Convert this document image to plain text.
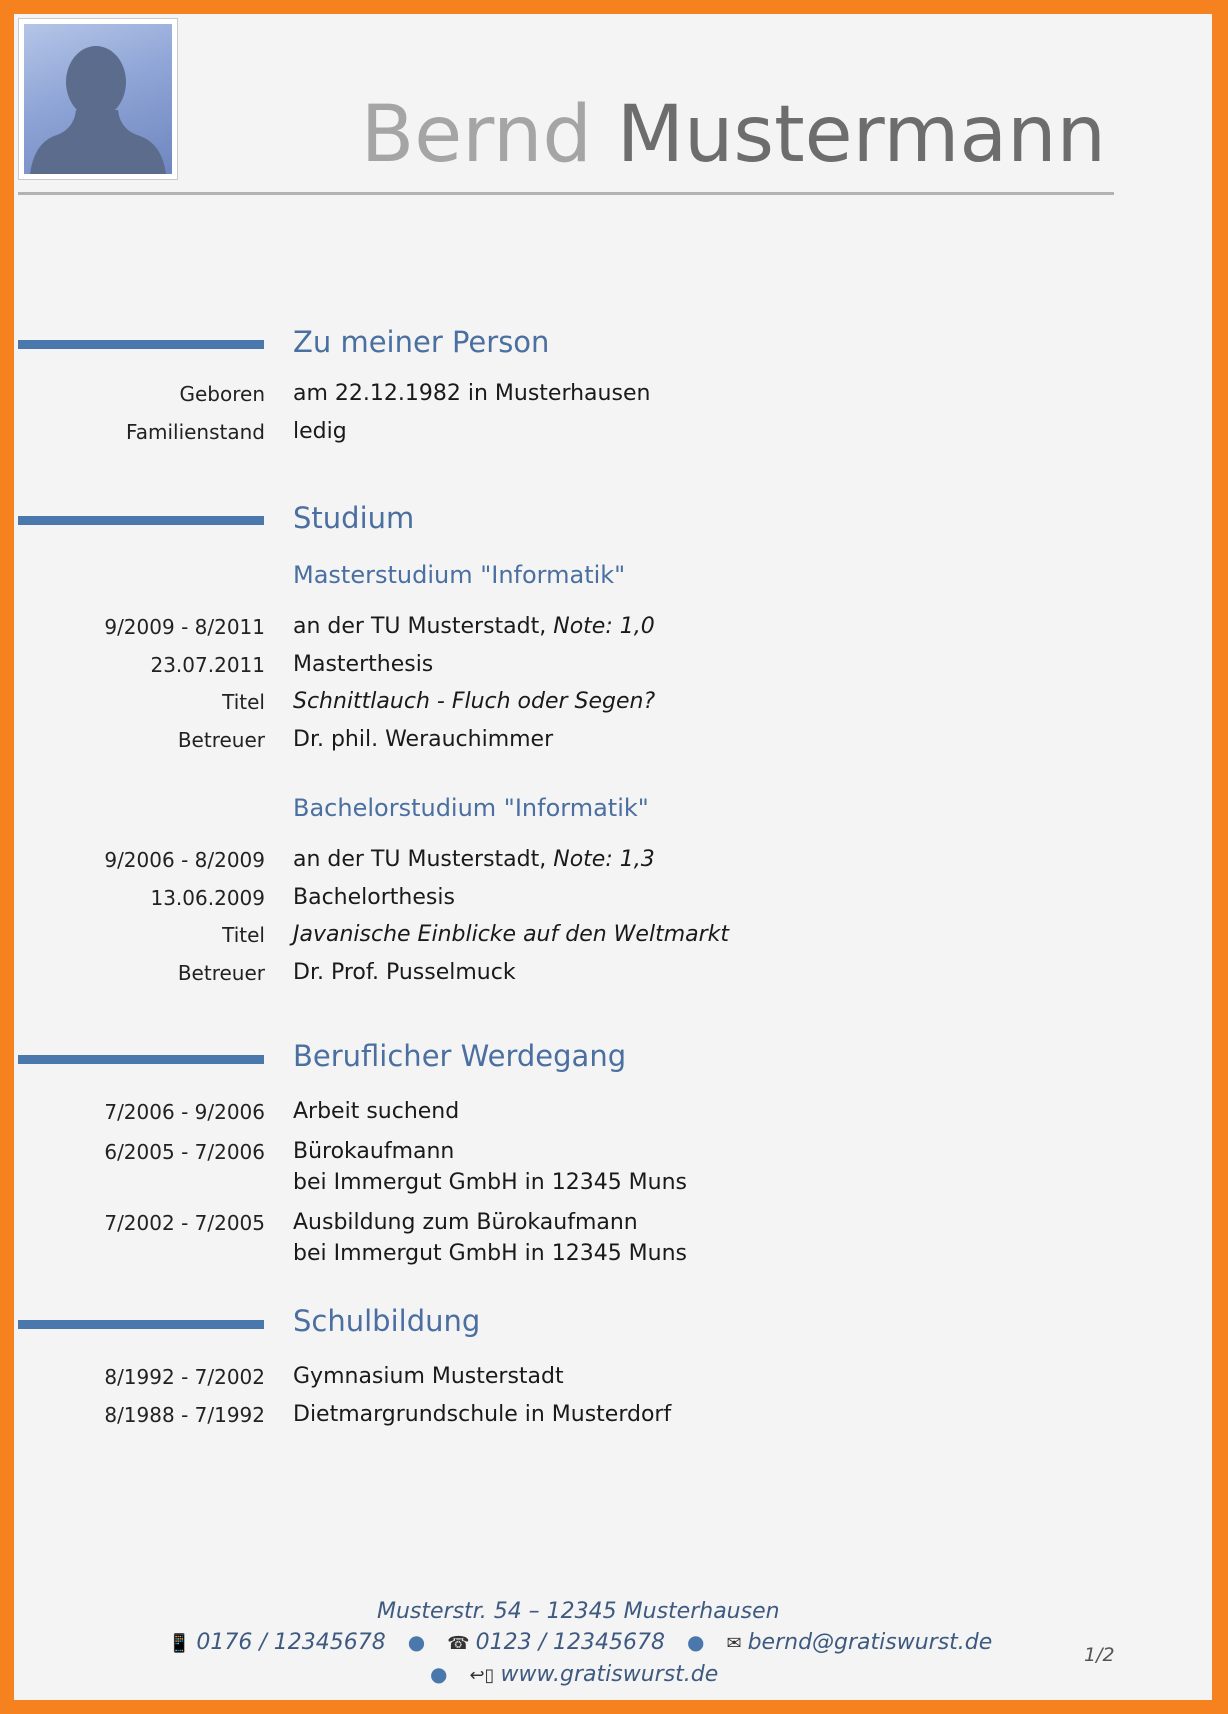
Bernd Mustermann
Zu meiner Person
Geboren am 22.12.1982 in Musterhausen
Familienstand ledig
Studium
Masterstudium "Informatik"
9/2009 - 8/2011 an der TU Musterstadt, Note: 1,0
23.07.2011 Masterthesis
Titel Schnittlauch - Fluch oder Segen?
Betreuer Dr. phil. Werauchimmer
Bachelorstudium "Informatik"
9/2006 - 8/2009 an der TU Musterstadt, Note: 1,3
13.06.2009 Bachelorthesis
Titel Javanische Einblicke auf den Weltmarkt
Betreuer Dr. Prof. Pusselmuck
Beruflicher Werdegang
7/2006 - 9/2006 Arbeit suchend
6/2005 - 7/2006 Bürokaufmann
bei Immergut GmbH in 12345 Muns
7/2002 - 7/2005 Ausbildung zum Bürokaufmann
bei Immergut GmbH in 12345 Muns
Schulbildung
8/1992 - 7/2002 Gymnasium Musterstadt
8/1988 - 7/1992 Dietmargrundschule in Musterdorf
Musterstr. 54 – 12345 Musterhausen
📱 0176 / 12345678 ● ☎ 0123 / 12345678 ● ✉ bernd@gratiswurst.de
● ↩▯ www.gratiswurst.de
1/2
